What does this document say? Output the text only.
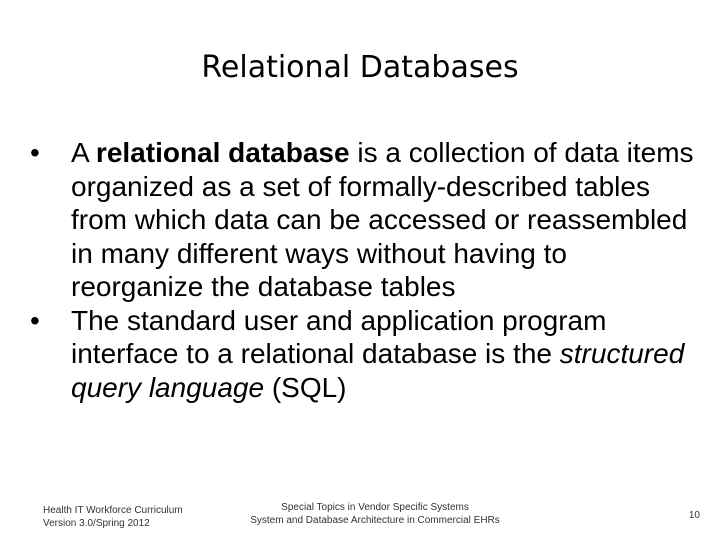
Relational Databases
•	A relational database is a collection of data items organized as a set of formally-described tables from which data can be accessed or reassembled in many different ways without having to reorganize the database tables
•	The standard user and application program interface to a relational database is the structured query language (SQL)
Health IT Workforce Curriculum
Version 3.0/Spring 2012
Special Topics in Vendor Specific Systems
System and Database Architecture in Commercial EHRs	10
